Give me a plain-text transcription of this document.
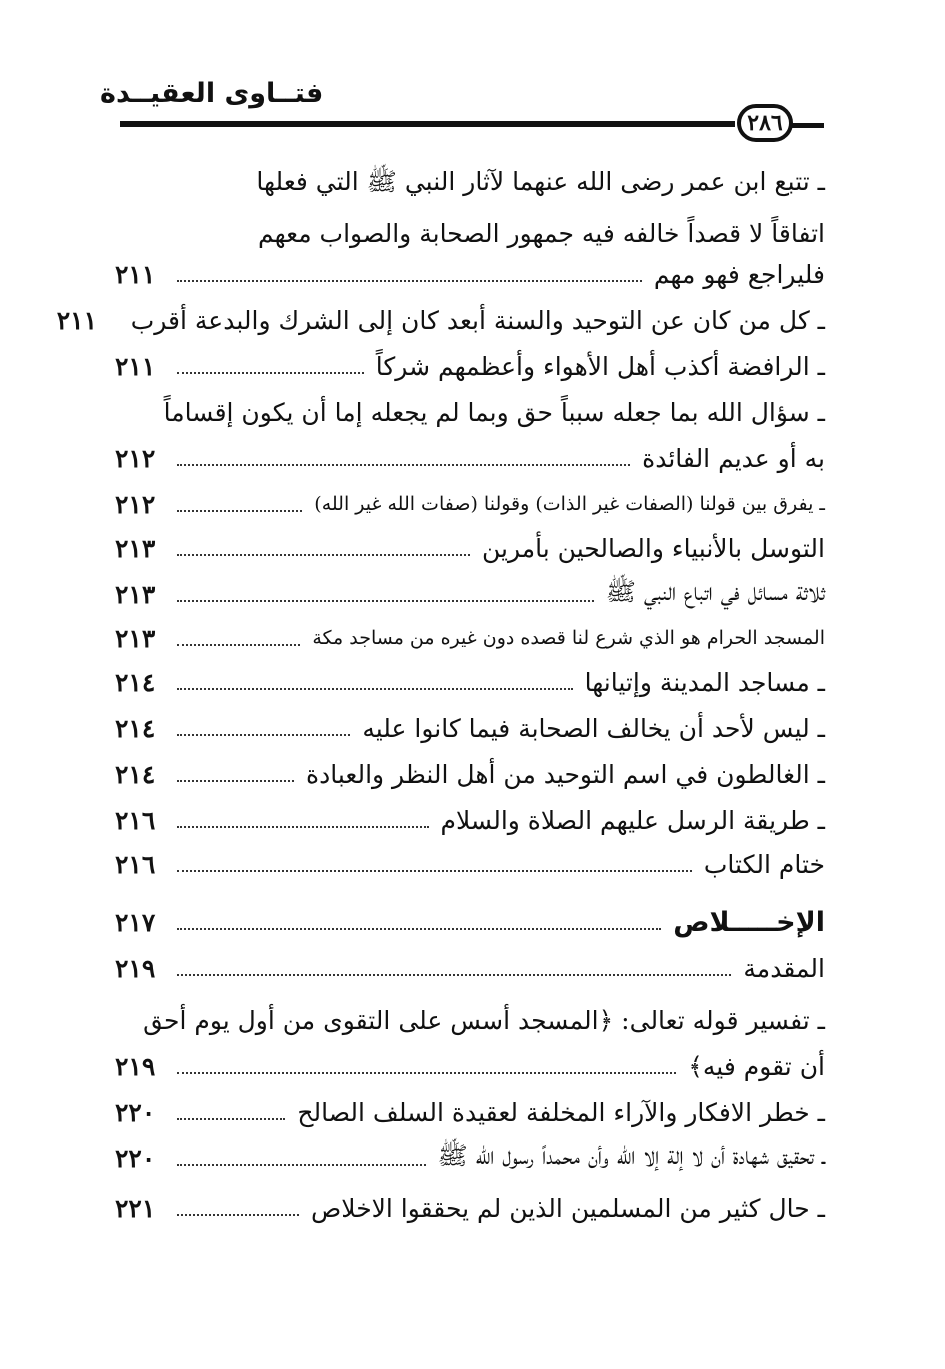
فتــاوى العقيــدة
٢٨٦
ـ تتبع ابن عمر رضى الله عنهما لآثار النبي ﷺ التي فعلها
اتفاقاً لا قصداً خالفه فيه جمهور الصحابة والصواب معهم
فليراجع فهو مهم
٢١١
ـ كل من كان عن التوحيد والسنة أبعد كان إلى الشرك والبدعة أقرب
٢١١
ـ الرافضة أكذب أهل الأهواء وأعظمهم شركاً
٢١١
ـ سؤال الله بما جعله سبباً حق وبما لم يجعله إما أن يكون إقساماً
به أو عديم الفائدة
٢١٢
ـ يفرق بين قولنا (الصفات غير الذات) وقولنا (صفات الله غير الله)
٢١٢
التوسل بالأنبياء والصالحين بأمرين
٢١٣
ثلاثة مسائل في اتباع النبي ﷺ
٢١٣
المسجد الحرام هو الذي شرع لنا قصده دون غيره من مساجد مكة
٢١٣
ـ مساجد المدينة وإتيانها
٢١٤
ـ ليس لأحد أن يخالف الصحابة فيما كانوا عليه
٢١٤
ـ الغالطون في اسم التوحيد من أهل النظر والعبادة
٢١٤
ـ طريقة الرسل عليهم الصلاة والسلام
٢١٦
ختام الكتاب
٢١٦
الإخـــــلاص
٢١٧
المقدمة
٢١٩
ـ تفسير قوله تعالى: ﴿المسجد أسس على التقوى من أول يوم أحق
أن تقوم فيه﴾
٢١٩
ـ خطر الافكار والآراء المخلفة لعقيدة السلف الصالح
٢٢٠
ـ تحقيق شهادة أن لا إلة إلا الله وأن محمداً رسول الله ﷺ
٢٢٠
ـ حال كثير من المسلمين الذين لم يحققوا الاخلاص
٢٢١
